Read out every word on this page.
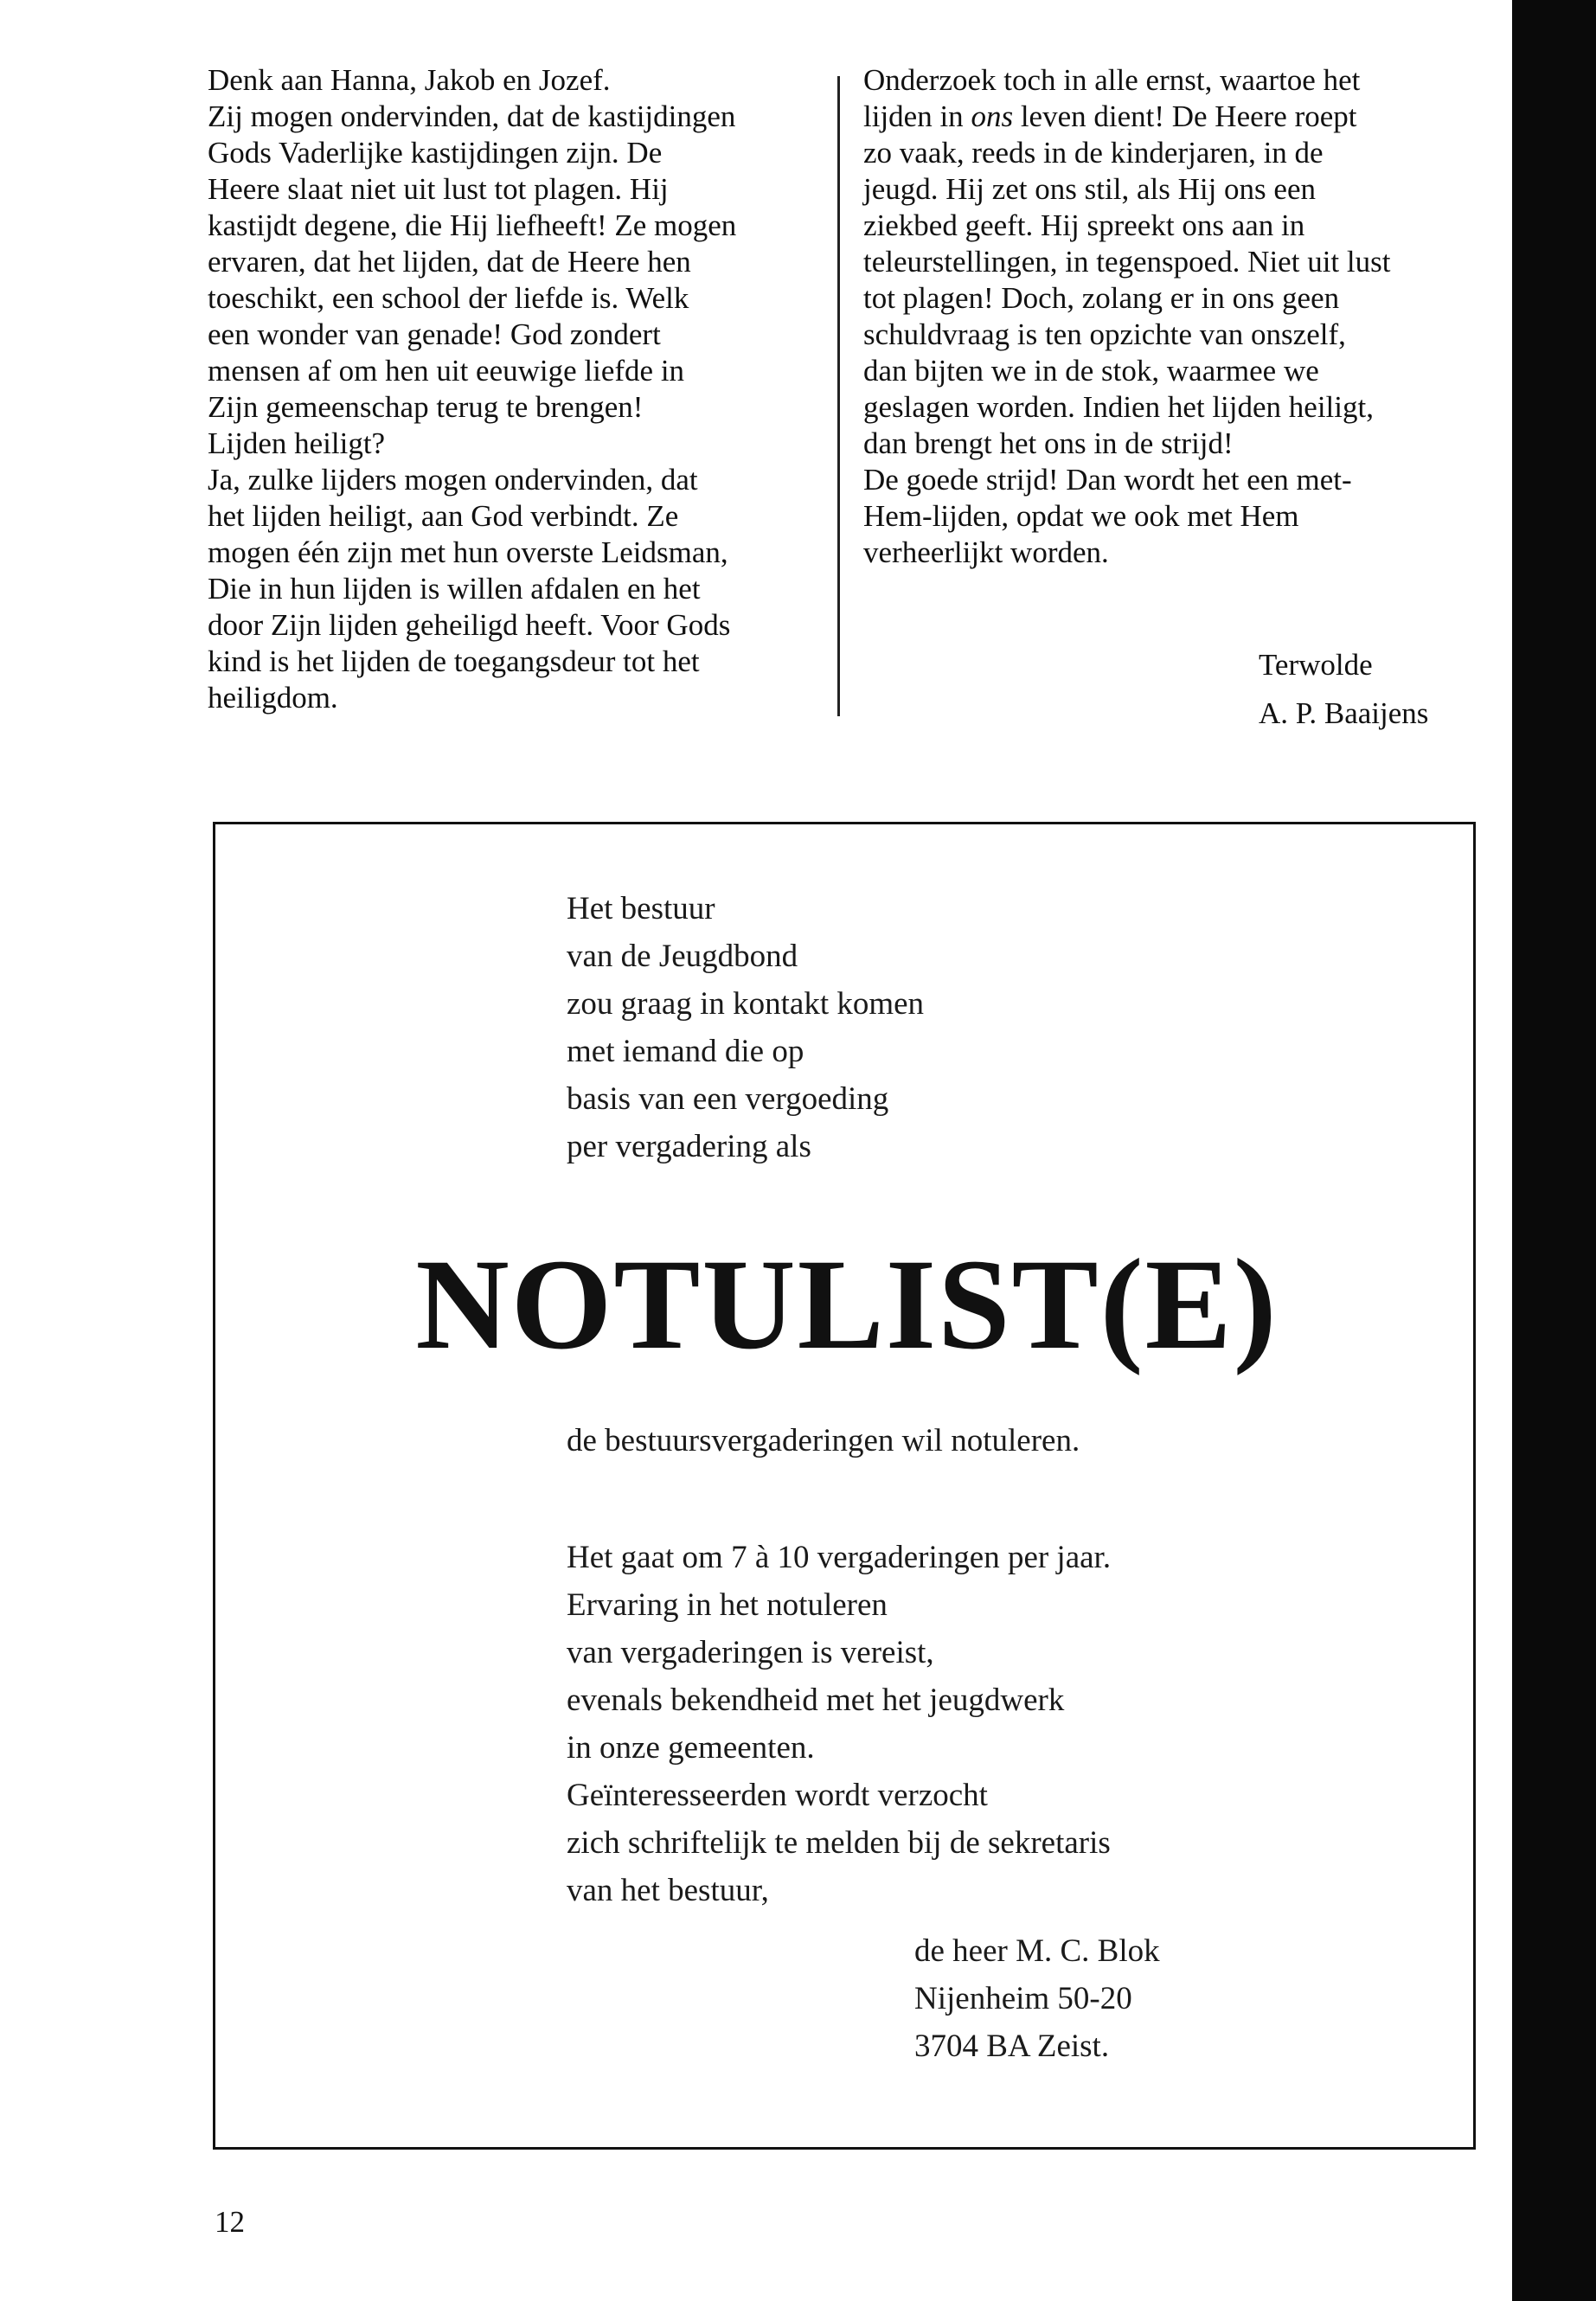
Denk aan Hanna, Jakob en Jozef.
Zij mogen ondervinden, dat de kastijdingen
Gods Vaderlijke kastijdingen zijn. De
Heere slaat niet uit lust tot plagen. Hij
kastijdt degene, die Hij liefheeft! Ze mogen
ervaren, dat het lijden, dat de Heere hen
toeschikt, een school der liefde is. Welk
een wonder van genade! God zondert
mensen af om hen uit eeuwige liefde in
Zijn gemeenschap terug te brengen!
Lijden heiligt?
Ja, zulke lijders mogen ondervinden, dat
het lijden heiligt, aan God verbindt. Ze
mogen één zijn met hun overste Leidsman,
Die in hun lijden is willen afdalen en het
door Zijn lijden geheiligd heeft. Voor Gods
kind is het lijden de toegangsdeur tot het
heiligdom.
Onderzoek toch in alle ernst, waartoe het
lijden in ons leven dient! De Heere roept
zo vaak, reeds in de kinderjaren, in de
jeugd. Hij zet ons stil, als Hij ons een
ziekbed geeft. Hij spreekt ons aan in
teleurstellingen, in tegenspoed. Niet uit lust
tot plagen! Doch, zolang er in ons geen
schuldvraag is ten opzichte van onszelf,
dan bijten we in de stok, waarmee we
geslagen worden. Indien het lijden heiligt,
dan brengt het ons in de strijd!
De goede strijd! Dan wordt het een met-
Hem-lijden, opdat we ook met Hem
verheerlijkt worden.
Terwolde
A. P. Baaijens
Het bestuur
van de Jeugdbond
zou graag in kontakt komen
met iemand die op
basis van een vergoeding
per vergadering als
NOTULIST(E)
de bestuursvergaderingen wil notuleren.
Het gaat om 7 à 10 vergaderingen per jaar.
Ervaring in het notuleren
van vergaderingen is vereist,
evenals bekendheid met het jeugdwerk
in onze gemeenten.
Geïnteresseerden wordt verzocht
zich schriftelijk te melden bij de sekretaris
van het bestuur,
de heer M. C. Blok
Nijenheim 50-20
3704 BA Zeist.
12
